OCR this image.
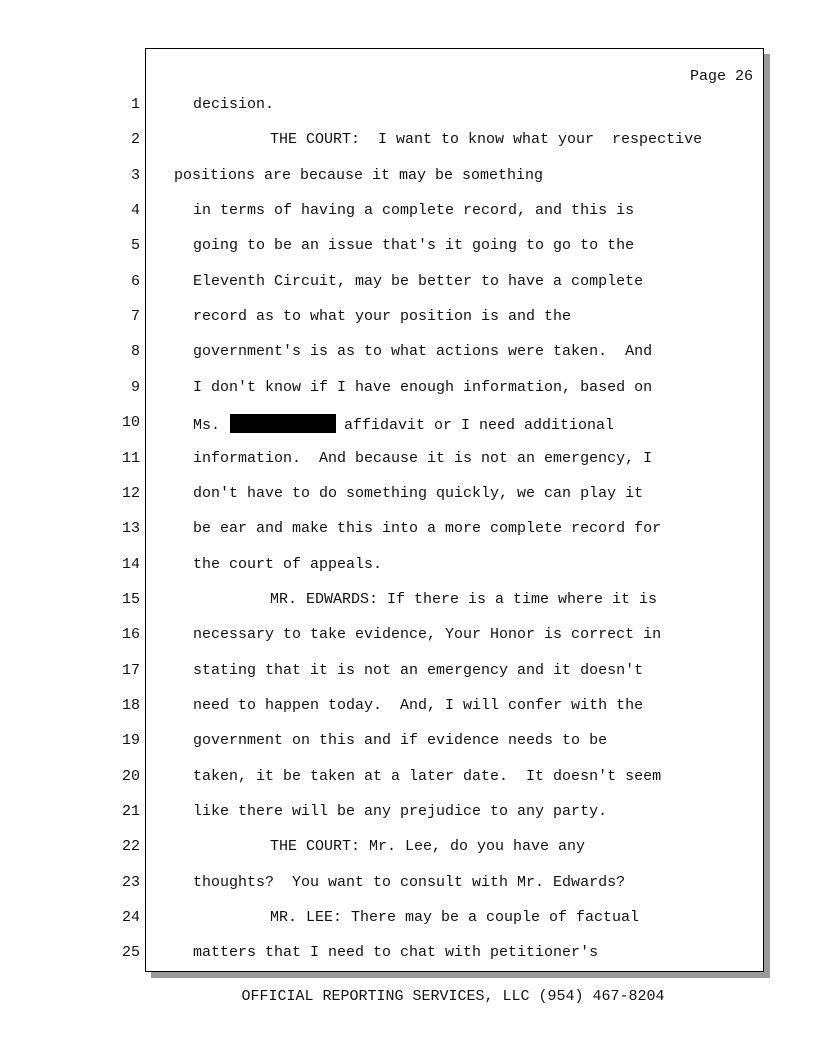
Page 26
1	decision.
2	THE COURT:  I want to know what your  respective
3 positions are because it may be something
4	in terms of having a complete record, and this is
5	going to be an issue that's it going to go to the
6	Eleventh Circuit, may be better to have a complete
7	record as to what your position is and the
8	government's is as to what actions were taken.  And
9	I don't know if I have enough information, based on
10	Ms.	affidavit or I need additional
11	information.  And because it is not an emergency, I
12	don't have to do something quickly, we can play it
13	be ear and make this into a more complete record for
14	the court of appeals.
15	MR. EDWARDS: If there is a time where it is
16	necessary to take evidence, Your Honor is correct in
17	stating that it is not an emergency and it doesn't
18	need to happen today.  And, I will confer with the
19	government on this and if evidence needs to be
20	taken, it be taken at a later date.  It doesn't seem
21	like there will be any prejudice to any party.
22	THE COURT: Mr. Lee, do you have any
23	thoughts?  You want to consult with Mr. Edwards?
24	MR. LEE: There may be a couple of factual
25	matters that I need to chat with petitioner's
OFFICIAL REPORTING SERVICES, LLC (954) 467-8204
